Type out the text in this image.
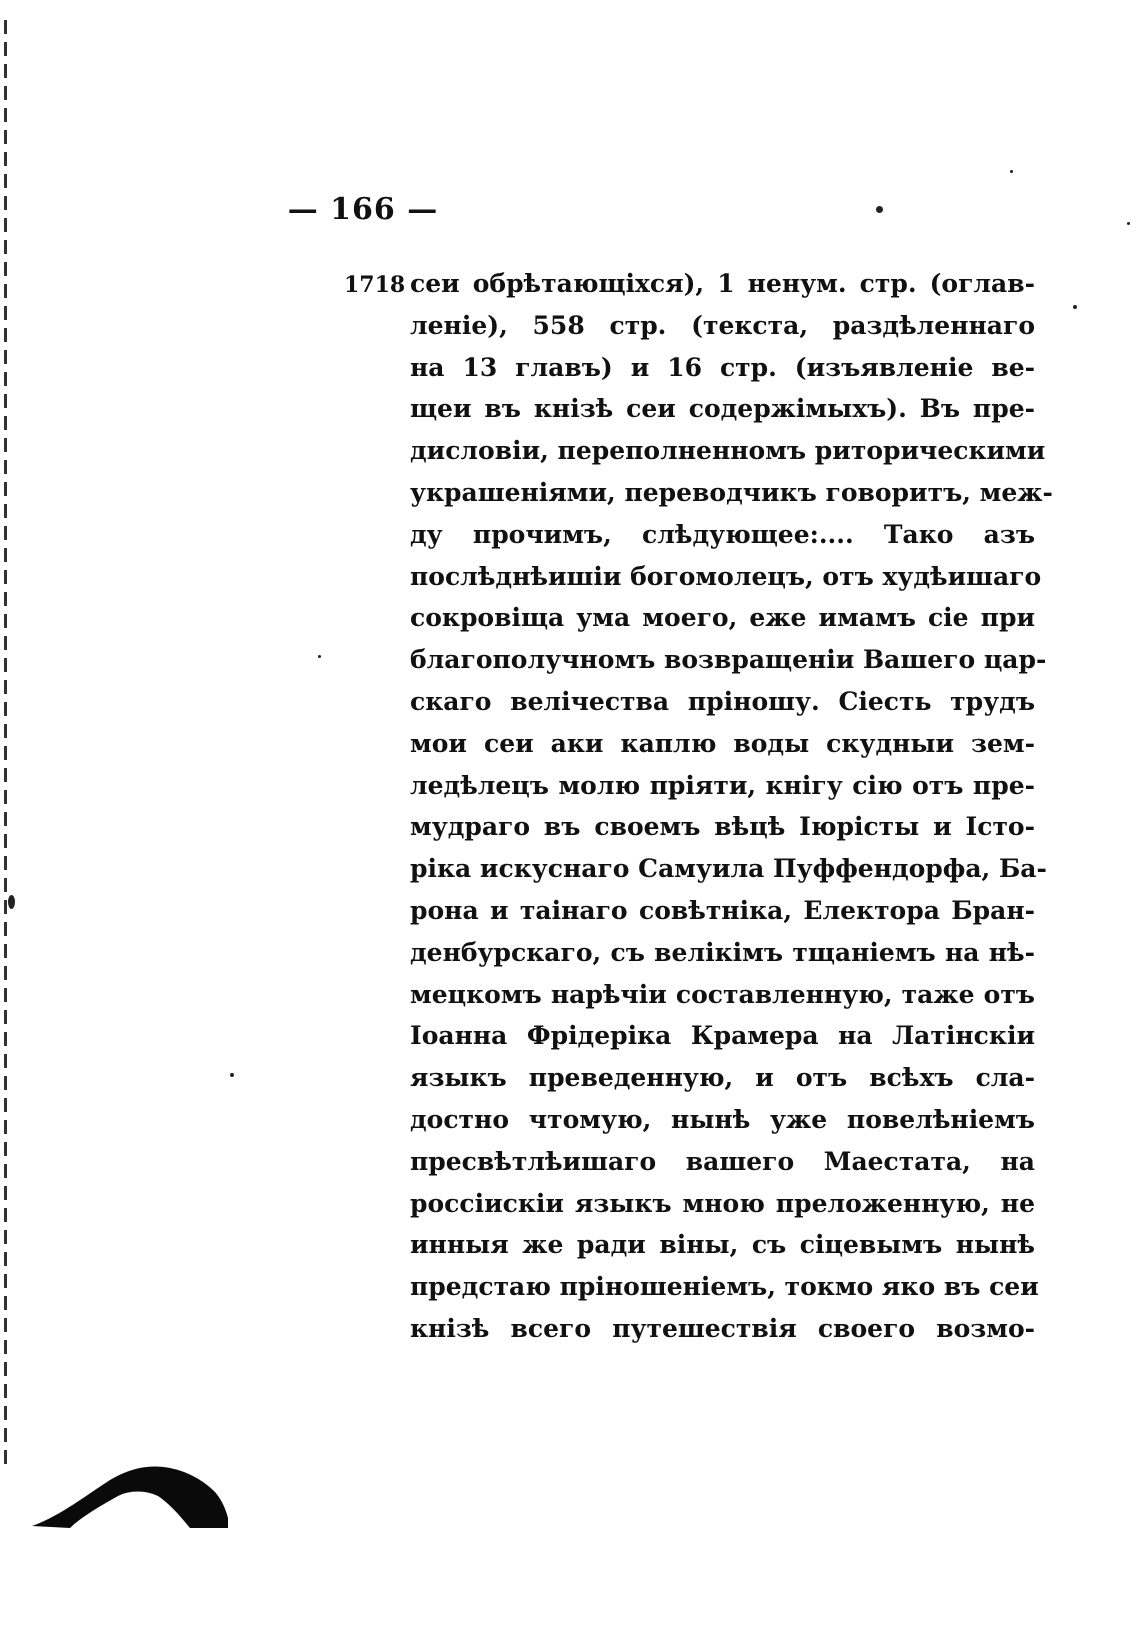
— 166 —
1718 сеи обрѣтающіхся), 1 ненум. стр. (оглав-
леніе), 558 стр. (текста, раздѣленнаго
на 13 главъ) и 16 стр. (изъявленіе ве-
щеи въ кнізѣ сеи содержімыхъ). Въ пре-
дисловіи, переполненномъ риторическими
украшеніями, переводчикъ говоритъ, меж-
ду прочимъ, слѣдующее:.... Тако азъ
послѣднѣишіи богомолецъ, отъ худѣишаго
сокровіща ума моего, еже имамъ сіе при
благополучномъ возвращеніи Вашего цар-
скаго велічества пріношу. Сіесть трудъ
мои сеи аки каплю воды скудныи зем-
ледѣлецъ молю пріяти, кнігу сію отъ пре-
мудраго въ своемъ вѣцѣ Іюрісты и Істо-
ріка искуснаго Самуила Пуффендорфа, Ба-
рона и таінаго совѣтніка, Електора Бран-
денбурскаго, съ велікімъ тщаніемъ на нѣ-
мецкомъ нарѣчіи составленную, таже отъ
Іоанна Фрідеріка Крамера на Латінскіи
языкъ преведенную, и отъ всѣхъ сла-
достно чтомую, нынѣ уже повелѣніемъ
пресвѣтлѣишаго вашего Маестата, на
россіискіи языкъ мною преложенную, не
инныя же ради віны, съ сіцевымъ нынѣ
предстаю пріношеніемъ, токмо яко въ сеи
кнізѣ всего путешествія своего возмо-
